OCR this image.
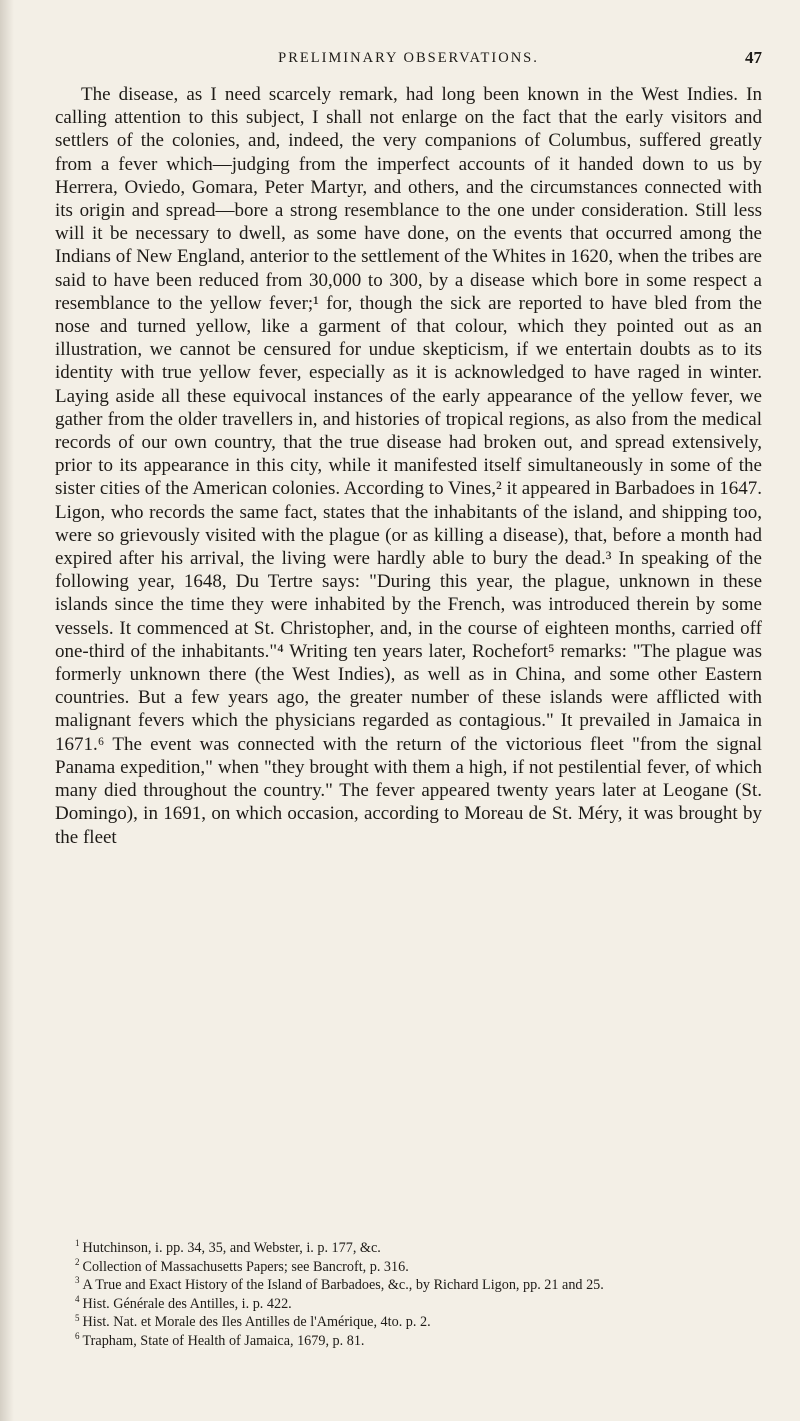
PRELIMINARY OBSERVATIONS.	47

The disease, as I need scarcely remark, had long been known in the West Indies. In calling attention to this subject, I shall not enlarge on the fact that the early visitors and settlers of the colonies, and, indeed, the very companions of Columbus, suffered greatly from a fever which—judging from the imperfect accounts of it handed down to us by Herrera, Oviedo, Gomara, Peter Martyr, and others, and the circumstances connected with its origin and spread—bore a strong resemblance to the one under consideration. Still less will it be necessary to dwell, as some have done, on the events that occurred among the Indians of New England, anterior to the settlement of the Whites in 1620, when the tribes are said to have been reduced from 30,000 to 300, by a disease which bore in some respect a resemblance to the yellow fever;¹ for, though the sick are reported to have bled from the nose and turned yellow, like a garment of that colour, which they pointed out as an illustration, we cannot be censured for undue skepticism, if we entertain doubts as to its identity with true yellow fever, especially as it is acknowledged to have raged in winter. Laying aside all these equivocal instances of the early appearance of the yellow fever, we gather from the older travellers in, and histories of tropical regions, as also from the medical records of our own country, that the true disease had broken out, and spread extensively, prior to its appearance in this city, while it manifested itself simultaneously in some of the sister cities of the American colonies. According to Vines,² it appeared in Barbadoes in 1647. Ligon, who records the same fact, states that the inhabitants of the island, and shipping too, were so grievously visited with the plague (or as killing a disease), that, before a month had expired after his arrival, the living were hardly able to bury the dead.³ In speaking of the following year, 1648, Du Tertre says: "During this year, the plague, unknown in these islands since the time they were inhabited by the French, was introduced therein by some vessels. It commenced at St. Christopher, and, in the course of eighteen months, carried off one-third of the inhabitants."⁴ Writing ten years later, Rochefort⁵ remarks: "The plague was formerly unknown there (the West Indies), as well as in China, and some other Eastern countries. But a few years ago, the greater number of these islands were afflicted with malignant fevers which the physicians regarded as contagious." It prevailed in Jamaica in 1671.⁶ The event was connected with the return of the victorious fleet "from the signal Panama expedition," when "they brought with them a high, if not pestilential fever, of which many died throughout the country." The fever appeared twenty years later at Leogane (St. Domingo), in 1691, on which occasion, according to Moreau de St. Méry, it was brought by the fleet

$^1$ Hutchinson, i. pp. 34, 35, and Webster, i. p. 177, &c.

$^2$ Collection of Massachusetts Papers; see Bancroft, p. 316.

$^3$ A True and Exact History of the Island of Barbadoes, &c., by Richard Ligon, pp. 21 and 25.

$^4$ Hist. Générale des Antilles, i. p. 422.

$^5$ Hist. Nat. et Morale des Iles Antilles de l'Amérique, 4to. p. 2.

$^6$ Trapham, State of Health of Jamaica, 1679, p. 81.
